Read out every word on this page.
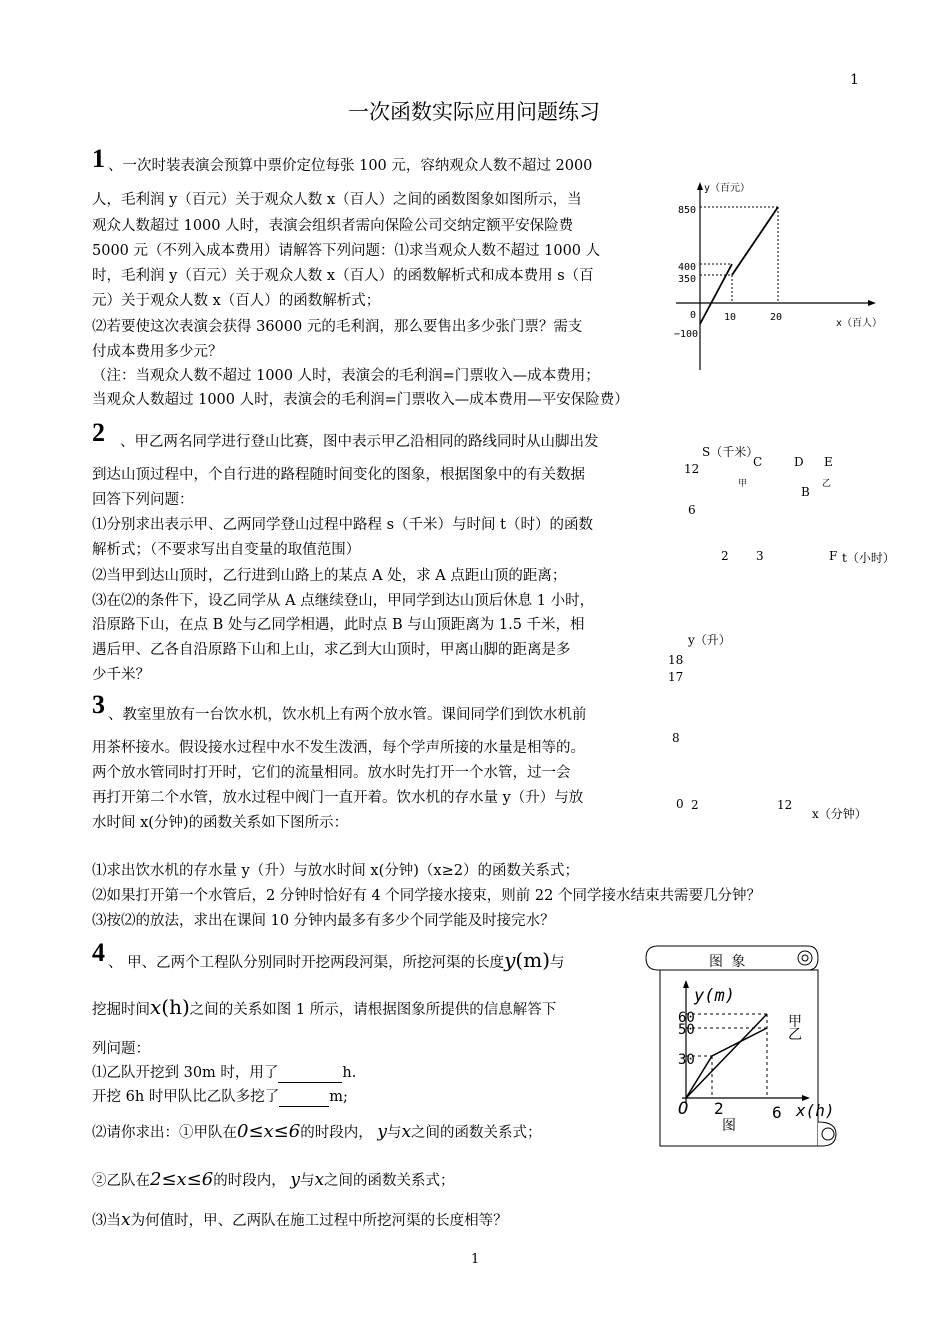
1
一次函数实际应用问题练习
1 、一次时装表演会预算中票价定位每张 100 元，容纳观众人数不超过 2000
人，毛利润 y（百元）关于观众人数 x（百人）之间的函数图象如图所示，当
观众人数超过 1000 人时，表演会组织者需向保险公司交纳定额平安保险费
5000 元（不列入成本费用）请解答下列问题：⑴求当观众人数不超过 1000 人
时，毛利润 y（百元）关于观众人数 x（百人）的函数解析式和成本费用 s（百
元）关于观众人数 x（百人）的函数解析式；
⑵若要使这次表演会获得 36000 元的毛利润，那么要售出多少张门票？需支
付成本费用多少元？
（注：当观众人数不超过 1000 人时，表演会的毛利润=门票收入—成本费用；
当观众人数超过 1000 人时，表演会的毛利润=门票收入—成本费用—平安保险费）
y（百元）
x（百人）
850
400
350
0
−100
10	20
2 、甲乙两名同学进行登山比赛，图中表示甲乙沿相同的路线同时从山脚出发
到达山顶过程中，个自行进的路程随时间变化的图象，根据图象中的有关数据
回答下列问题：
⑴分别求出表示甲、乙两同学登山过程中路程 s（千米）与时间 t（时）的函数
解析式；（不要求写出自变量的取值范围）
⑵当甲到达山顶时，乙行进到山路上的某点 A 处，求 A 点距山顶的距离；
⑶在⑵的条件下，设乙同学从 A 点继续登山，甲同学到达山顶后休息 1 小时，
沿原路下山，在点 B 处与乙同学相遇，此时点 B 与山顶距离为 1.5 千米，相
遇后甲、乙各自沿原路下山和上山，求乙到大山顶时，甲离山脚的距离是多
少千米？
S（千米）
12	C	D E
甲	乙
B
6
2 3	F t（小时）
3 、教室里放有一台饮水机，饮水机上有两个放水管。课间同学们到饮水机前
用茶杯接水。假设接水过程中水不发生泼洒，每个学声所接的水量是相等的。
两个放水管同时打开时，它们的流量相同。放水时先打开一个水管，过一会
再打开第二个水管，放水过程中阀门一直开着。饮水机的存水量 y（升）与放
水时间 x(分钟)的函数关系如下图所示：
⑴求出饮水机的存水量 y（升）与放水时间 x(分钟)（x≥2）的函数关系式；
⑵如果打开第一个水管后，2 分钟时恰好有 4 个同学接水接束，则前 22 个同学接水结束共需要几分钟？
⑶按⑵的放法，求出在课间 10 分钟内最多有多少个同学能及时接完水？
y（升）
18
17
8
0 2	12
x（分钟）
4 、 甲、乙两个工程队分别同时开挖两段河渠，所挖河渠的长度y(m)与
挖掘时间x(h)之间的关系如图 1 所示，请根据图象所提供的信息解答下
列问题：
⑴乙队开挖到 30m 时，用了	h.
开挖 6h 时甲队比乙队多挖了	m;
⑵请你求出：①甲队在0≤x≤6的时段内， y与x之间的函数关系式；
②乙队在2≤x≤6的时段内， y与x之间的函数关系式；
⑶当x为何值时，甲、乙两队在施工过程中所挖河渠的长度相等？
图 象
y(m)
60
50
30
甲
乙
O 2	6 x(h)
图
1
